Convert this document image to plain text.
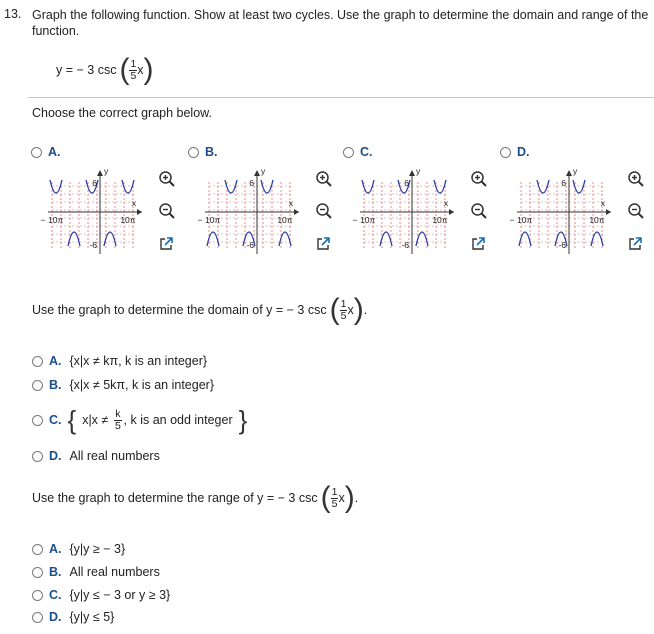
13. Graph the following function. Show at least two cycles. Use the graph to determine the domain and range of the function.
y = − 3 csc ( $\frac{1}{5}$ x )
Choose the correct graph below.
A.
y
x
6
-6
− 10π	10π
B.
y
x
6
-6
− 10π	10π
C.
y
x
6
-6
− 10π	10π
D.
y
x
6
-6
− 10π	10π
Use the graph to determine the domain of y = − 3 csc ( $\frac{1}{5}$ x ) .
A. {x|x ≠ kπ, k is an integer}
B. {x|x ≠ 5kπ, k is an integer}
C. { $x|x \ne \frac{k}{5}$ , k is an odd integer }
D. All real numbers
Use the graph to determine the range of y = − 3 csc ( $\frac{1}{5}$ x ) .
A. {y|y ≥ − 3}
B. All real numbers
C. {y|y ≤ − 3 or y ≥ 3}
D. {y|y ≤ 5}
